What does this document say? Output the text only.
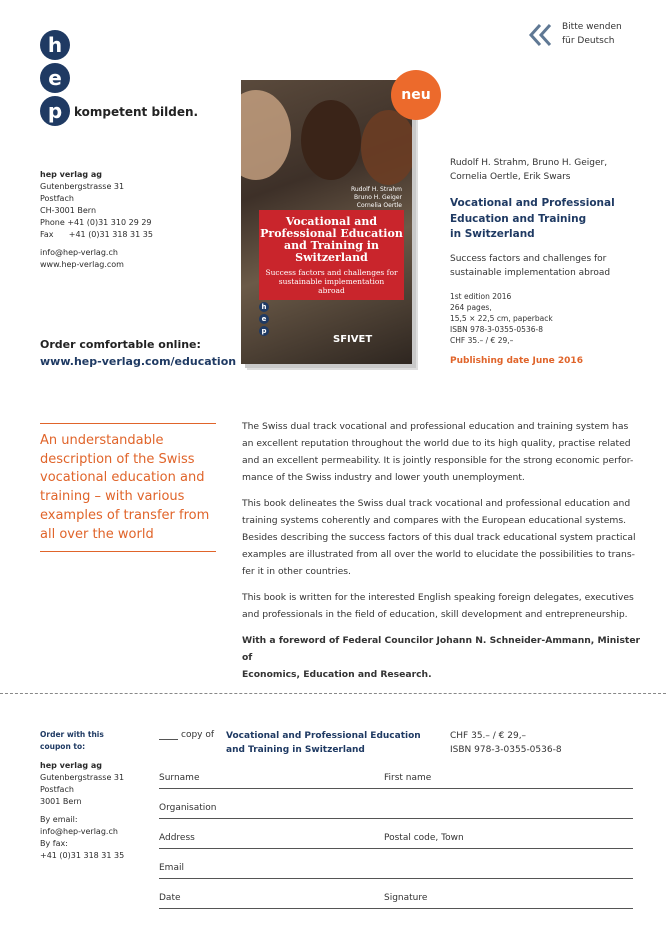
h
e
p kompetent bilden.
Bitte wenden
für Deutsch
hep verlag ag
Gutenbergstrasse 31
Postfach
CH-3001 Bern
Phone +41 (0)31 310 29 29
Fax      +41 (0)31 318 31 35
info@hep-verlag.ch
www.hep-verlag.com
Order comfortable online:
www.hep-verlag.com/education
Rudolf H. Strahm
Bruno H. Geiger
Cornelia Oertle
Vocational and Professional Education and Training in Switzerland
Success factors and challenges for sustainable implementation abroad
h
e
p
SFIVET
neu
Rudolf H. Strahm, Bruno H. Geiger,
Cornelia Oertle, Erik Swars
Vocational and Professional
Education and Training
in Switzerland
Success factors and challenges for
sustainable implementation abroad
1st edition 2016
264 pages,
15,5 × 22,5 cm, paperback
ISBN 978-3-0355-0536-8
CHF 35.– / € 29,–
Publishing date June 2016
An understandable
description of the Swiss
vocational education and
training – with various
examples of transfer from
all over the world

The Swiss dual track vocational and professional education and training system has
an excellent reputation throughout the world due to its high quality, practise related
and an excellent permeability. It is jointly responsible for the strong economic perfor-
mance of the Swiss industry and lower youth unemployment.

This book delineates the Swiss dual track vocational and professional education and
training systems coherently and compares with the European educational systems.
Besides describing the success factors of this dual track educational system practical
examples are illustrated from all over the world to elucidate the possibilities to trans-
fer it in other countries.

This book is written for the interested English speaking foreign delegates, executives
and professionals in the field of education, skill development and entrepreneurship.

With a foreword of Federal Councilor Johann N. Schneider-Ammann, Minister of
Economics, Education and Research.

Order with this
coupon to:
hep verlag ag
Gutenbergstrasse 31
Postfach
3001 Bern
By email:
info@hep-verlag.ch
By fax:
+41 (0)31 318 31 35
copy of Vocational and Professional Education
and Training in Switzerland
CHF 35.– / € 29,–
ISBN 978-3-0355-0536-8
Surname	First name
Organisation
Address	Postal code, Town
Email
Date	Signature
